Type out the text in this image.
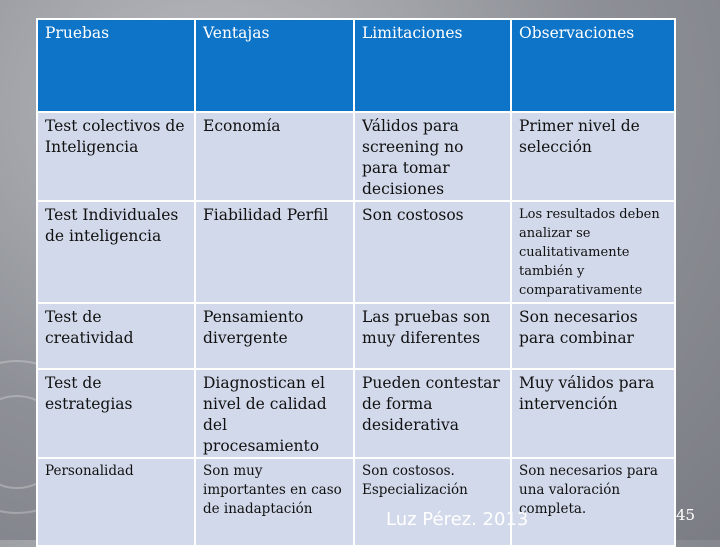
Pruebas	Ventajas	Limitaciones	Observaciones
Test colectivos de Inteligencia	Economía	Válidos para screening no para tomar decisiones	Primer nivel de selección
Test Individuales de inteligencia	Fiabilidad Perfil	Son costosos	Los resultados deben analizar se cualitativamente también y comparativamente
Test de creatividad	Pensamiento divergente	Las pruebas son muy diferentes	Son necesarios para combinar
Test de estrategias	Diagnostican el nivel de calidad del procesamiento	Pueden contestar de forma desiderativa	Muy válidos para intervención
Personalidad	Son muy importantes en caso de inadaptación	Son costosos. Especialización	Son necesarios para una valoración completa.
Luz Pérez. 2013	45
